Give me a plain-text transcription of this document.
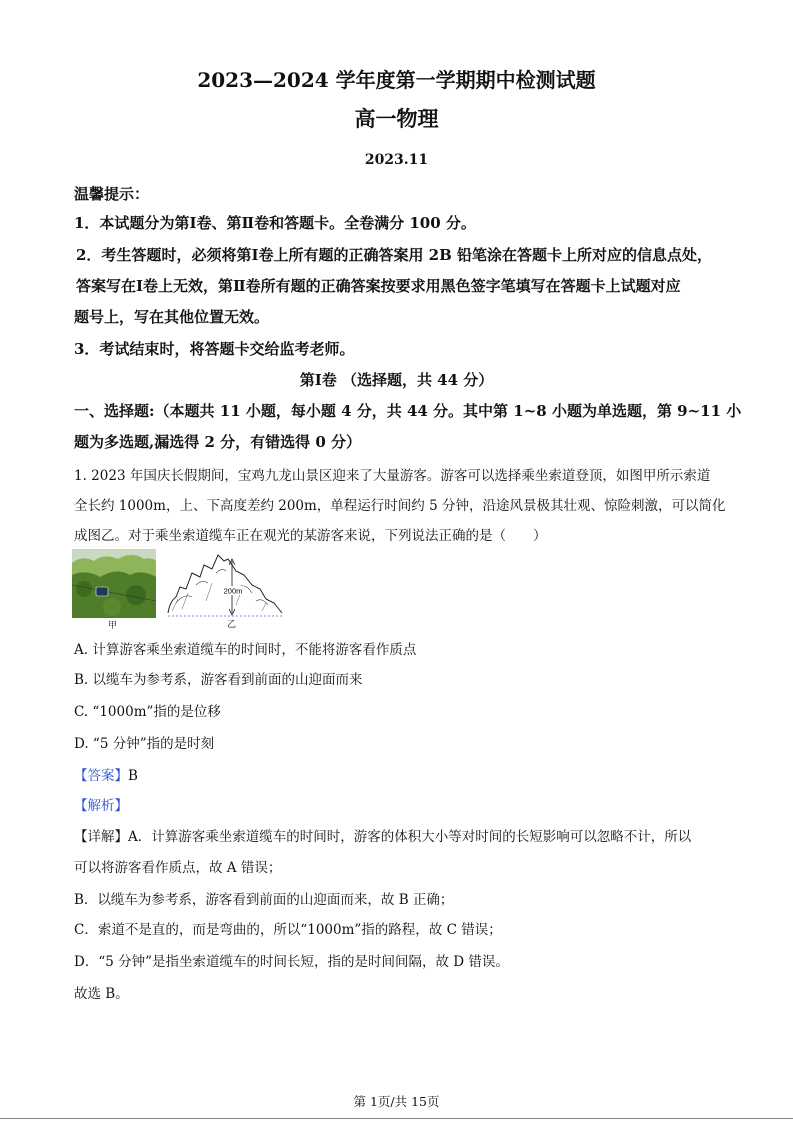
2023—2024 学年度第一学期期中检测试题
高一物理
2023.11
温馨提示：
1．本试题分为第Ⅰ卷、第Ⅱ卷和答题卡。全卷满分 100 分。
2．考生答题时，必须将第Ⅰ卷上所有题的正确答案用 2B 铅笔涂在答题卡上所对应的信息点处，
答案写在Ⅰ卷上无效，第Ⅱ卷所有题的正确答案按要求用黑色签字笔填写在答题卡上试题对应
题号上，写在其他位置无效。
3．考试结束时，将答题卡交给监考老师。
第Ⅰ卷 （选择题，共 44 分）
一、选择题:（本题共 11 小题，每小题 4 分，共 44 分。其中第 1~8 小题为单选题，第 9~11 小
题为多选题,漏选得 2 分，有错选得 0 分）
1. 2023 年国庆长假期间，宝鸡九龙山景区迎来了大量游客。游客可以选择乘坐索道登顶，如图甲所示索道
全长约 1000m，上、下高度差约 200m，单程运行时间约 5 分钟，沿途风景极其壮观、惊险刺激，可以简化
成图乙。对于乘坐索道缆车正在观光的某游客来说，下列说法正确的是（　　）
甲
200m
乙
A. 计算游客乘坐索道缆车的时间时，不能将游客看作质点
B. 以缆车为参考系，游客看到前面的山迎面而来
C. “1000m”指的是位移
D. “5 分钟”指的是时刻
【答案】B
【解析】
【详解】A．计算游客乘坐索道缆车的时间时，游客的体积大小等对时间的长短影响可以忽略不计，所以
可以将游客看作质点，故 A 错误；
B．以缆车为参考系，游客看到前面的山迎面而来，故 B 正确；
C．索道不是直的，而是弯曲的，所以“1000m”指的路程，故 C 错误；
D．“5 分钟”是指坐索道缆车的时间长短，指的是时间间隔，故 D 错误。
故选 B。
第 1页/共 15页
